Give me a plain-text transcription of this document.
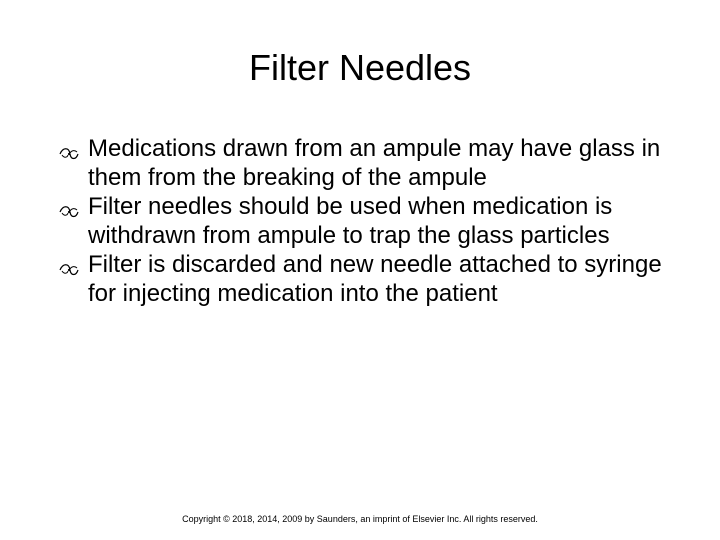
Filter Needles
Medications drawn from an ampule may have glass in them from the breaking of the ampule
Filter needles should be used when medication is withdrawn from ampule to trap the glass particles
Filter is discarded and new needle attached to syringe for injecting medication into the patient
Copyright © 2018, 2014, 2009 by Saunders, an imprint of Elsevier Inc. All rights reserved.
